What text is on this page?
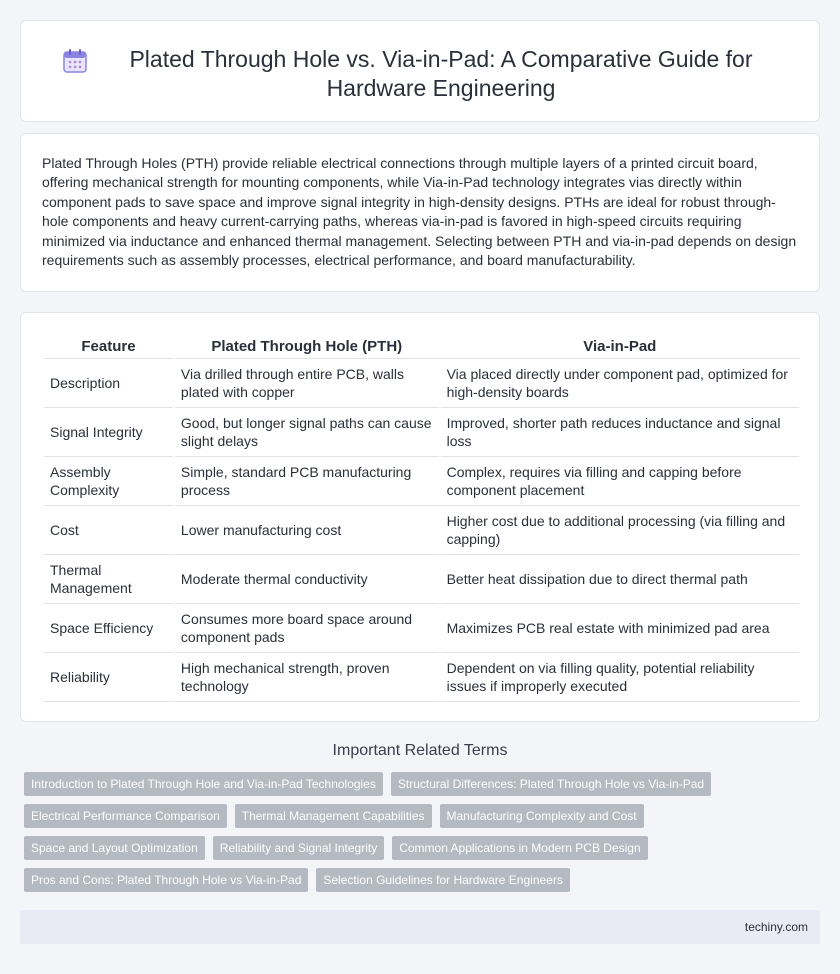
Plated Through Hole vs. Via-in-Pad: A Comparative Guide for Hardware Engineering

Plated Through Holes (PTH) provide reliable electrical connections through multiple layers of a printed circuit board, offering mechanical strength for mounting components, while Via-in-Pad technology integrates vias directly within component pads to save space and improve signal integrity in high-density designs. PTHs are ideal for robust through-hole components and heavy current-carrying paths, whereas via-in-pad is favored in high-speed circuits requiring minimized via inductance and enhanced thermal management. Selecting between PTH and via-in-pad depends on design requirements such as assembly processes, electrical performance, and board manufacturability.

Feature	Plated Through Hole (PTH)	Via-in-Pad
Description	Via drilled through entire PCB, walls plated with copper	Via placed directly under component pad, optimized for high-density boards
Signal Integrity	Good, but longer signal paths can cause slight delays	Improved, shorter path reduces inductance and signal loss
Assembly Complexity	Simple, standard PCB manufacturing process	Complex, requires via filling and capping before component placement
Cost	Lower manufacturing cost	Higher cost due to additional processing (via filling and capping)
Thermal Management	Moderate thermal conductivity	Better heat dissipation due to direct thermal path
Space Efficiency	Consumes more board space around component pads	Maximizes PCB real estate with minimized pad area
Reliability	High mechanical strength, proven technology	Dependent on via filling quality, potential reliability issues if improperly executed
Important Related Terms
Introduction to Plated Through Hole and Via-in-Pad Technologies	Structural Differences: Plated Through Hole vs Via-in-Pad
Electrical Performance Comparison	Thermal Management Capabilities	Manufacturing Complexity and Cost
Space and Layout Optimization	Reliability and Signal Integrity	Common Applications in Modern PCB Design
Pros and Cons: Plated Through Hole vs Via-in-Pad	Selection Guidelines for Hardware Engineers
techiny.com
